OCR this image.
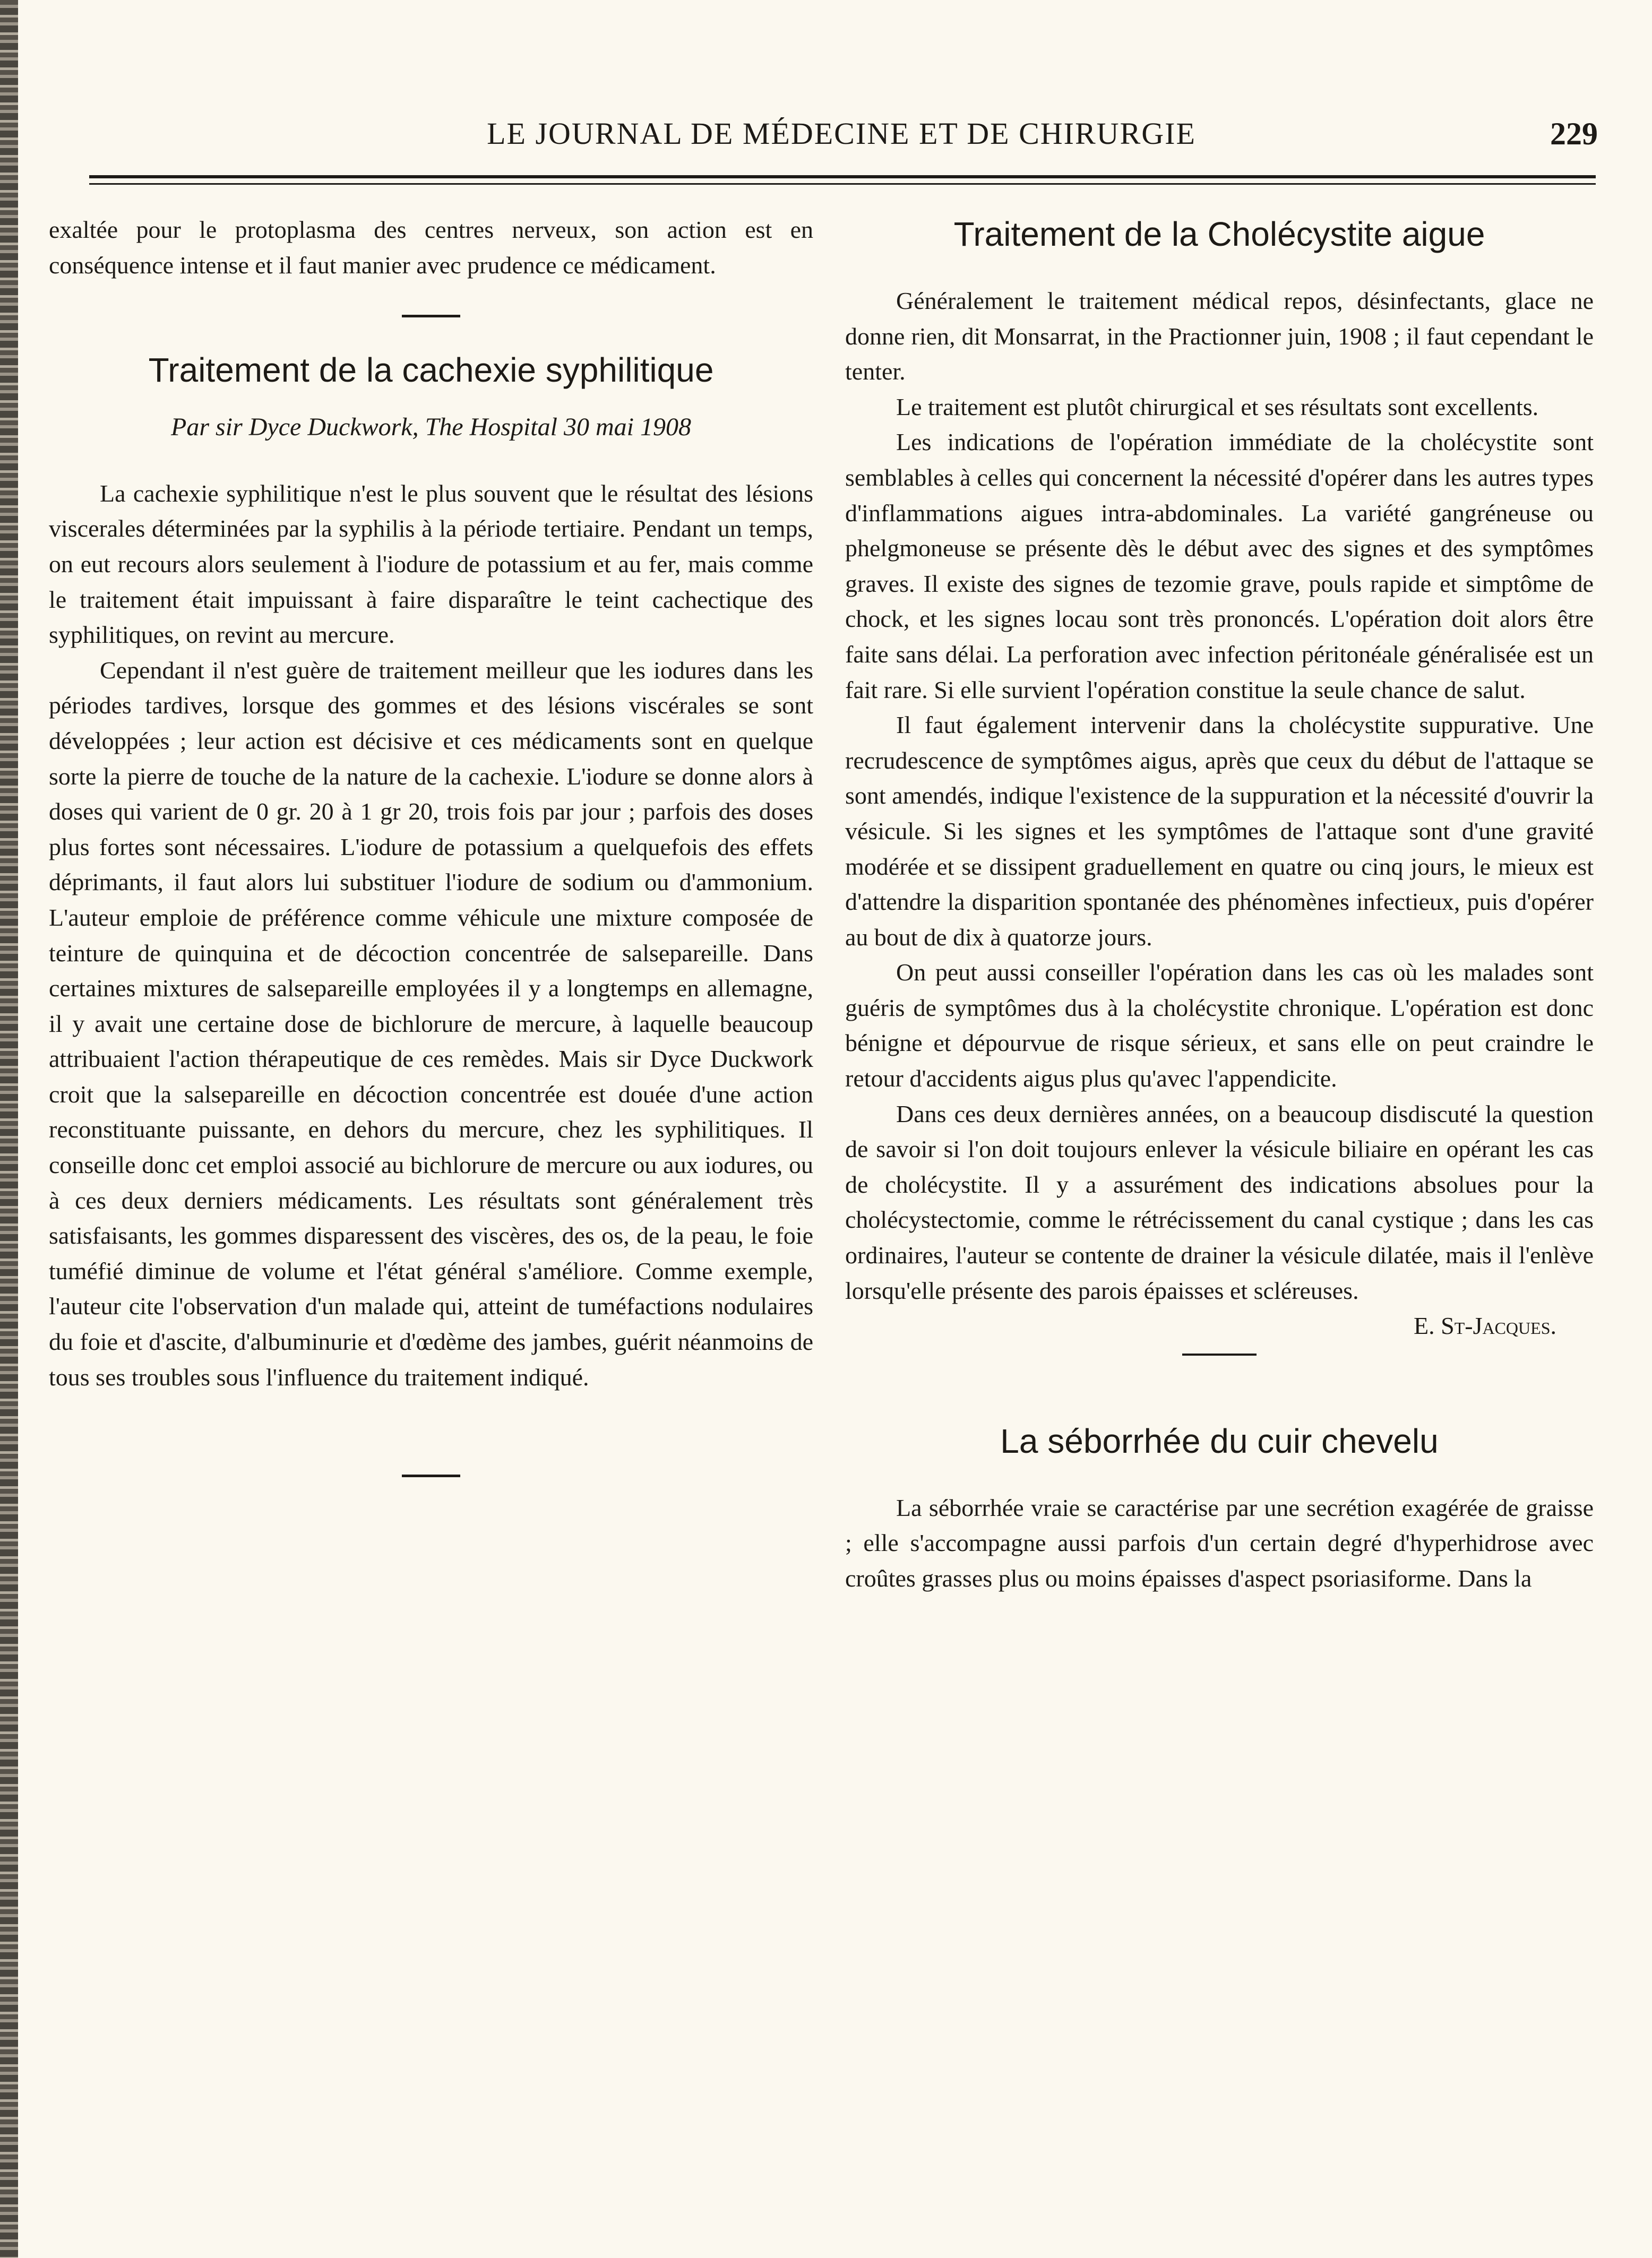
LE JOURNAL DE MÉDECINE ET DE CHIRURGIE	229

exaltée pour le protoplasma des centres nerveux, son action est en conséquence intense et il faut manier avec prudence ce médicament.

Traitement de la cachexie syphilitique
Par sir Dyce Duckwork, The Hospital 30 mai 1908

La cachexie syphilitique n'est le plus souvent que le résultat des lésions viscerales déterminées par la syphilis à la période tertiaire. Pendant un temps, on eut recours alors seulement à l'iodure de potassium et au fer, mais comme le traitement était impuissant à faire disparaître le teint cachectique des syphilitiques, on revint au mercure.

Cependant il n'est guère de traitement meilleur que les iodures dans les périodes tardives, lorsque des gommes et des lésions viscérales se sont développées ; leur action est décisive et ces médicaments sont en quelque sorte la pierre de touche de la nature de la cachexie. L'iodure se donne alors à doses qui varient de 0 gr. 20 à 1 gr 20, trois fois par jour ; parfois des doses plus fortes sont nécessaires. L'iodure de potassium a quelquefois des effets déprimants, il faut alors lui substituer l'iodure de sodium ou d'ammonium. L'auteur emploie de préférence comme véhicule une mixture composée de teinture de quinquina et de décoction concentrée de salsepareille. Dans certaines mixtures de salsepareille employées il y a longtemps en allemagne, il y avait une certaine dose de bichlorure de mercure, à laquelle beaucoup attribuaient l'action thérapeutique de ces remèdes. Mais sir Dyce Duckwork croit que la salsepareille en décoction concentrée est douée d'une action reconstituante puissante, en dehors du mercure, chez les syphilitiques. Il conseille donc cet emploi associé au bichlorure de mercure ou aux iodures, ou à ces deux derniers médicaments. Les résultats sont généralement très satisfaisants, les gommes disparessent des viscères, des os, de la peau, le foie tuméfié diminue de volume et l'état général s'améliore. Comme exemple, l'auteur cite l'observation d'un malade qui, atteint de tuméfactions nodulaires du foie et d'ascite, d'albuminurie et d'œdème des jambes, guérit néanmoins de tous ses troubles sous l'influence du traitement indiqué.

Traitement de la Cholécystite aigue

Généralement le traitement médical repos, désinfectants, glace ne donne rien, dit Monsarrat, in the Practionner juin, 1908 ; il faut cependant le tenter.

Le traitement est plutôt chirurgical et ses résultats sont excellents.

Les indications de l'opération immédiate de la cholécystite sont semblables à celles qui concernent la nécessité d'opérer dans les autres types d'inflammations aigues intra-abdominales. La variété gangréneuse ou phelgmoneuse se présente dès le début avec des signes et des symptômes graves. Il existe des signes de tezomie grave, pouls rapide et simptôme de chock, et les signes locau sont très prononcés. L'opération doit alors être faite sans délai. La perforation avec infection péritonéale généralisée est un fait rare. Si elle survient l'opération constitue la seule chance de salut.

Il faut également intervenir dans la cholécystite suppurative. Une recrudescence de symptômes aigus, après que ceux du début de l'attaque se sont amendés, indique l'existence de la suppuration et la nécessité d'ouvrir la vésicule. Si les signes et les symptômes de l'attaque sont d'une gravité modérée et se dissipent graduellement en quatre ou cinq jours, le mieux est d'attendre la disparition spontanée des phénomènes infectieux, puis d'opérer au bout de dix à quatorze jours.

On peut aussi conseiller l'opération dans les cas où les malades sont guéris de symptômes dus à la cholécystite chronique. L'opération est donc bénigne et dépourvue de risque sérieux, et sans elle on peut craindre le retour d'accidents aigus plus qu'avec l'appendicite.

Dans ces deux dernières années, on a beaucoup disdiscuté la question de savoir si l'on doit toujours enlever la vésicule biliaire en opérant les cas de cholécystite. Il y a assurément des indications absolues pour la cholécystectomie, comme le rétrécissement du canal cystique ; dans les cas ordinaires, l'auteur se contente de drainer la vésicule dilatée, mais il l'enlève lorsqu'elle présente des parois épaisses et scléreuses.

E. St-Jacques.

La séborrhée du cuir chevelu

La séborrhée vraie se caractérise par une secrétion exagérée de graisse ; elle s'accompagne aussi parfois d'un certain degré d'hyperhidrose avec croûtes grasses plus ou moins épaisses d'aspect psoriasiforme. Dans la
